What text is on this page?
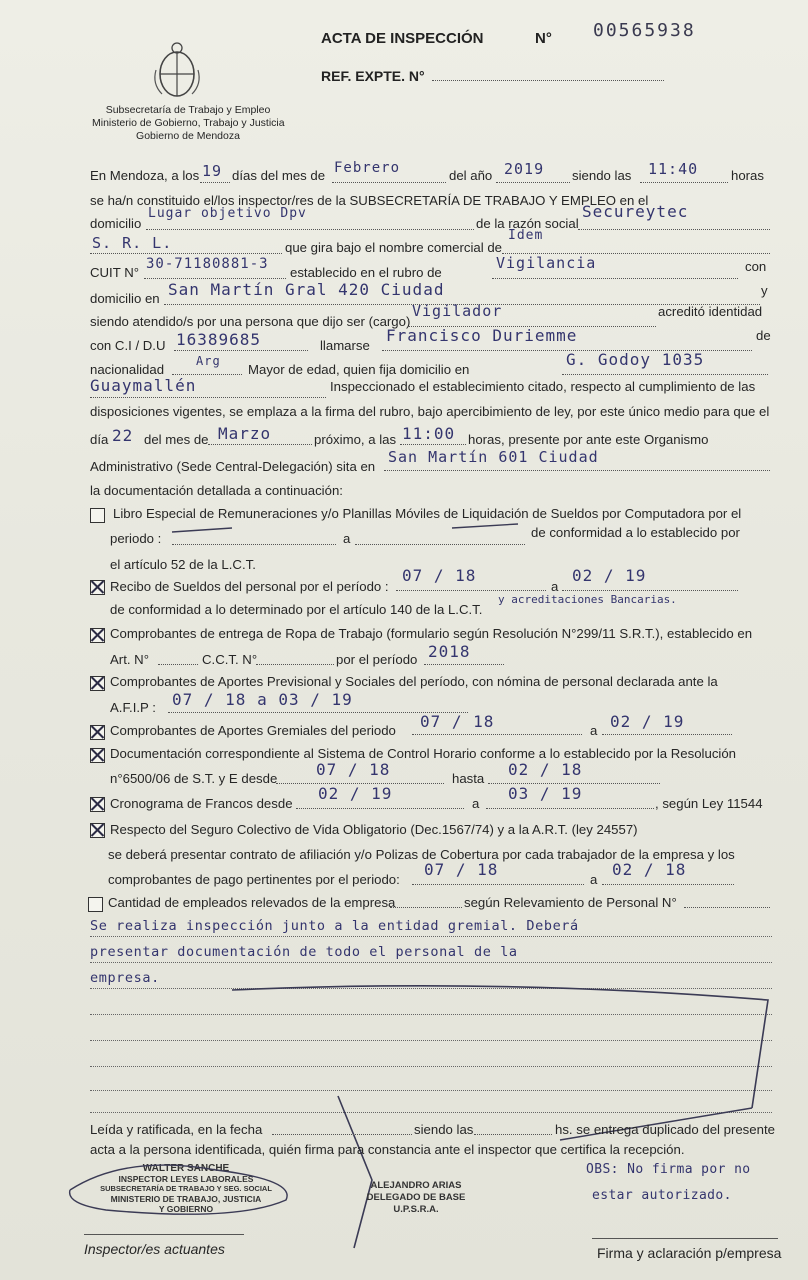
Subsecretaría de Trabajo y Empleo
Ministerio de Gobierno, Trabajo y Justicia
Gobierno de Mendoza
ACTA DE INSPECCIÓN	N° 00565938
REF. EXPTE. N°
En Mendoza, a los 19 días del mes de Febrero	del año 2019 siendo las 11:40 horas
se ha/n constituido el/los inspector/res de la SUBSECRETARÍA DE TRABAJO Y EMPLEO en el
domicilio
Lugar objetivo Dpv
de la razón social
Secureytec
S. R. L.	que gira bajo el nombre comercial de
Idem
CUIT N°
30-71180881-3
establecido en el rubro de
Vigilancia	con
domicilio en San Martín Gral 420 Ciudad	y
siendo atendido/s por una persona que dijo ser (cargo)
Vigilador	acreditó identidad
con C.I / D.U 16389685	llamarse
Francisco Duriemme	de
nacionalidad
Arg
Mayor de edad, quien fija domicilio en
G. Godoy 1035
Guaymallén	Inspeccionado el establecimiento citado, respecto al cumplimiento de las
disposiciones vigentes, se emplaza a la firma del rubro, bajo apercibimiento de ley, por este único medio para que el
día 22 del mes de Marzo	próximo, a las 11:00 horas, presente por ante este Organismo
Administrativo (Sede Central-Delegación) sita en
San Martín 601 Ciudad
la documentación detallada a continuación:
Libro Especial de Remuneraciones y/o Planillas Móviles de Liquidación de Sueldos por Computadora por el
periodo :	a	de conformidad a lo establecido por
el artículo 52 de la L.C.T.
Recibo de Sueldos del personal por el período :
07 / 18
a
02 / 19
de conformidad a lo determinado por el artículo 140 de la L.C.T.
y acreditaciones Bancarias.
Comprobantes de entrega de Ropa de Trabajo (formulario según Resolución N°299/11 S.R.T.), establecido en
Art. N°	C.C.T. N°	por el período 2018
Comprobantes de Aportes Previsional y Sociales del período, con nómina de personal declarada ante la
A.F.I.P : 07 / 18 a 03 / 19
Comprobantes de Aportes Gremiales del periodo 07 / 18	a 02 / 19
Documentación correspondiente al Sistema de Control Horario conforme a lo establecido por la Resolución
n°6500/06 de S.T. y E desde 07 / 18	hasta 02 / 18
Cronograma de Francos desde
02 / 19
a
03 / 19
, según Ley 11544
Respecto del Seguro Colectivo de Vida Obligatorio (Dec.1567/74) y a la A.R.T. (ley 24557)
se deberá presentar contrato de afiliación y/o Polizas de Cobertura por cada trabajador de la empresa y los
comprobantes de pago pertinentes por el periodo:
07 / 18
a
02 / 18
Cantidad de empleados relevados de la empresa	según Relevamiento de Personal N°
Se realiza inspección junto a la entidad gremial. Deberá
presentar documentación de todo el personal de la
empresa.
Leída y ratificada, en la fecha	siendo las	hs. se entrega duplicado del presente
acta a la persona identificada, quién firma para constancia ante el inspector que certifica la recepción.
WALTER SANCHE
INSPECTOR LEYES LABORALES
SUBSECRETARÍA DE TRABAJO Y SEG. SOCIAL
MINISTERIO DE TRABAJO, JUSTICIA
Y GOBIERNO
ALEJANDRO ARIAS
DELEGADO DE BASE
U.P.S.R.A.
OBS: No firma por no
estar autorizado.
Inspector/es actuantes	Firma y aclaración p/empresa
